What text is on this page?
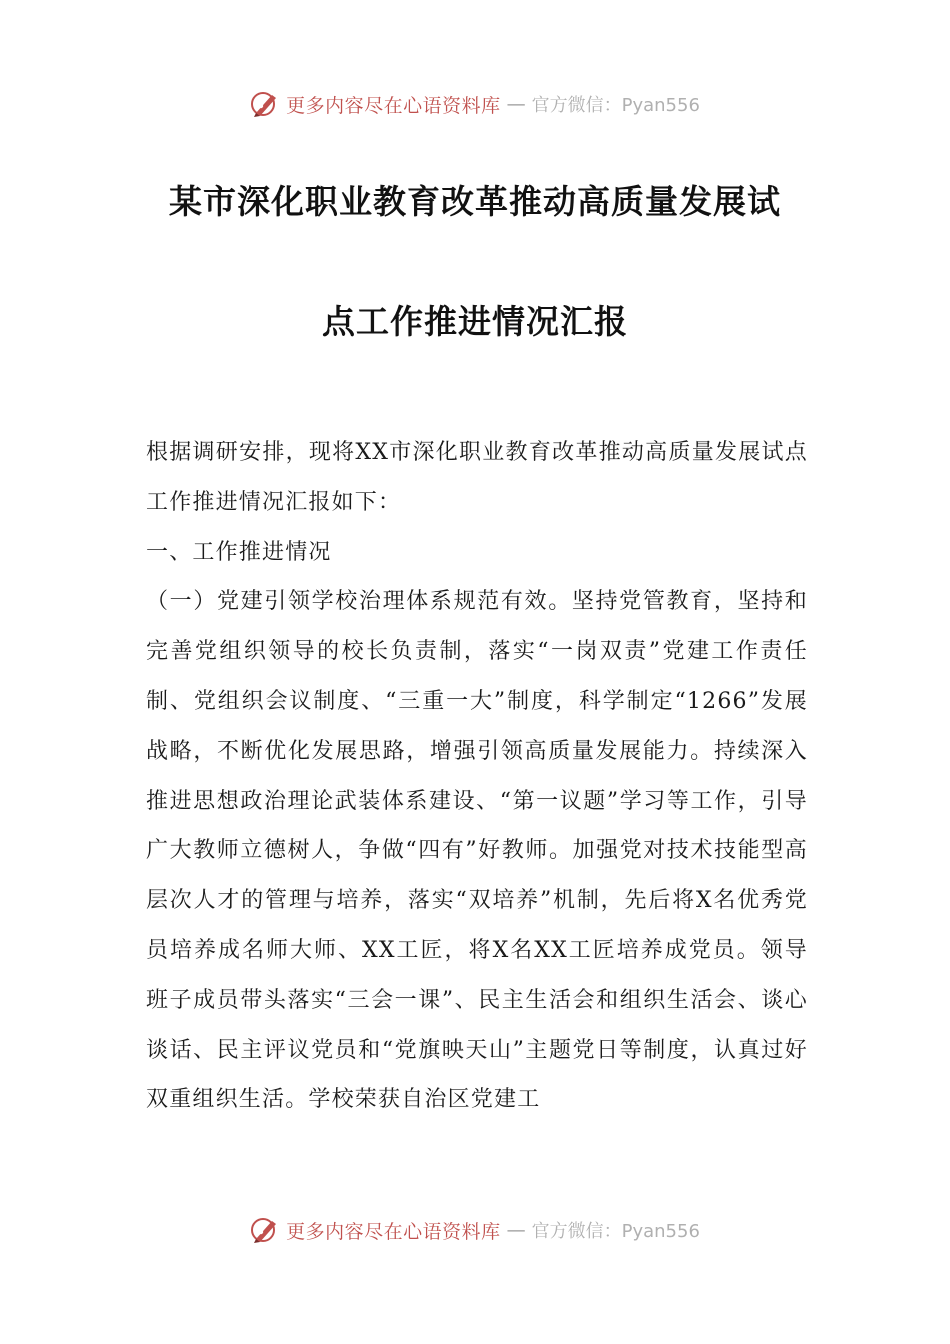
更多内容尽在心语资料库 — 官方微信：Pyan556
某市深化职业教育改革推动高质量发展试
点工作推进情况汇报

根据调研安排，现将XX市深化职业教育改革推动高质量发展试点工作推进情况汇报如下：

一、工作推进情况

（一）党建引领学校治理体系规范有效。坚持党管教育，坚持和完善党组织领导的校长负责制，落实“一岗双责”党建工作责任制、党组织会议制度、“三重一大”制度，科学制定“1266”发展战略，不断优化发展思路，增强引领高质量发展能力。持续深入推进思想政治理论武装体系建设、“第一议题”学习等工作，引导广大教师立德树人，争做“四有”好教师。加强党对技术技能型高层次人才的管理与培养，落实“双培养”机制，先后将X名优秀党员培养成名师大师、XX工匠，将X名XX工匠培养成党员。领导班子成员带头落实“三会一课”、民主生活会和组织生活会、谈心谈话、民主评议党员和“党旗映天山”主题党日等制度，认真过好双重组织生活。学校荣获自治区党建工

更多内容尽在心语资料库 — 官方微信：Pyan556
